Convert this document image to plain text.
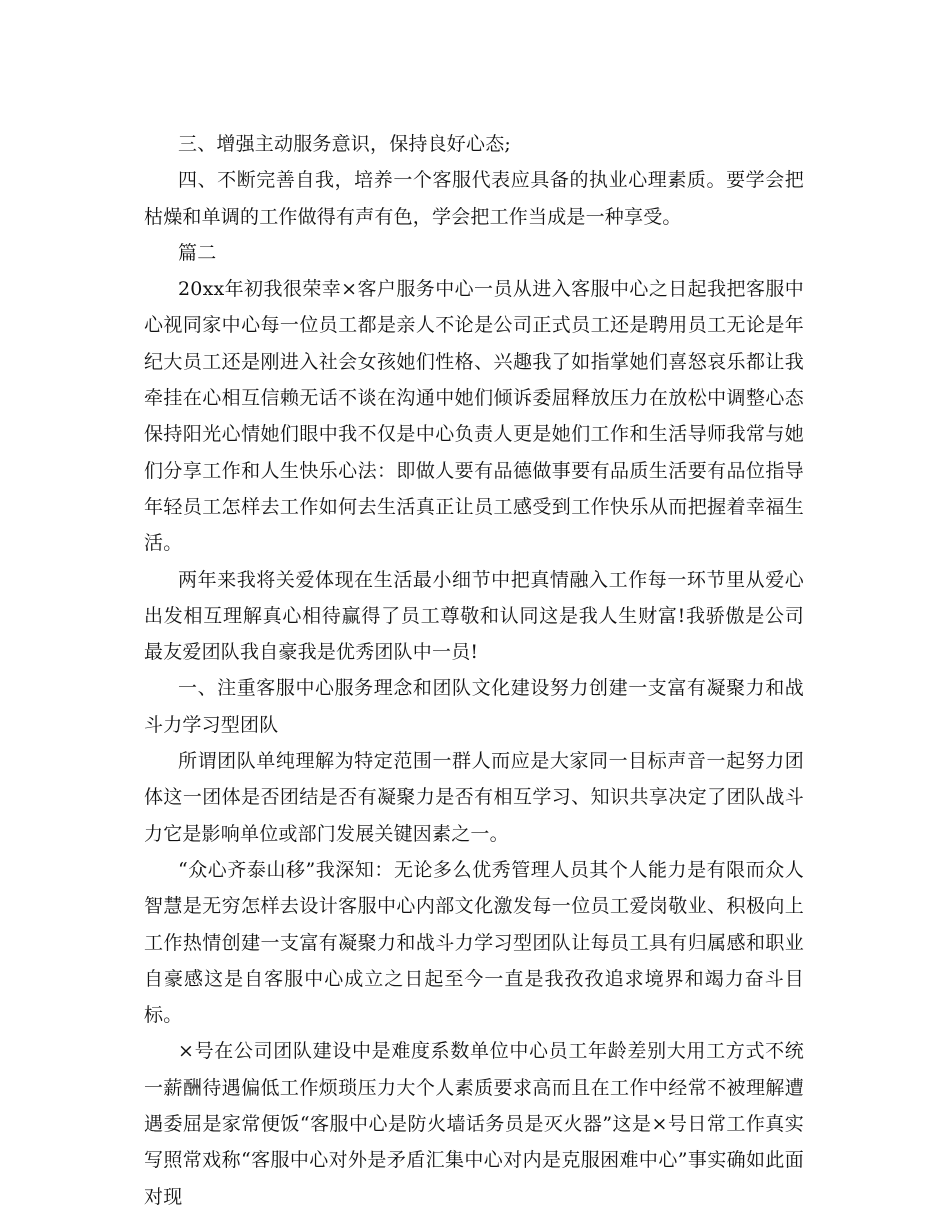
三、增强主动服务意识，保持良好心态;

四、不断完善自我，培养一个客服代表应具备的执业心理素质。要学会把枯燥和单调的工作做得有声有色，学会把工作当成是一种享受。

篇二

20xx年初我很荣幸×客户服务中心一员从进入客服中心之日起我把客服中心视同家中心每一位员工都是亲人不论是公司正式员工还是聘用员工无论是年纪大员工还是刚进入社会女孩她们性格、兴趣我了如指掌她们喜怒哀乐都让我牵挂在心相互信赖无话不谈在沟通中她们倾诉委屈释放压力在放松中调整心态保持阳光心情她们眼中我不仅是中心负责人更是她们工作和生活导师我常与她们分享工作和人生快乐心法：即做人要有品德做事要有品质生活要有品位指导年轻员工怎样去工作如何去生活真正让员工感受到工作快乐从而把握着幸福生活。

两年来我将关爱体现在生活最小细节中把真情融入工作每一环节里从爱心出发相互理解真心相待赢得了员工尊敬和认同这是我人生财富!我骄傲是公司最友爱团队我自豪我是优秀团队中一员!

一、注重客服中心服务理念和团队文化建设努力创建一支富有凝聚力和战斗力学习型团队

所谓团队单纯理解为特定范围一群人而应是大家同一目标声音一起努力团体这一团体是否团结是否有凝聚力是否有相互学习、知识共享决定了团队战斗力它是影响单位或部门发展关键因素之一。

“众心齐泰山移”我深知：无论多么优秀管理人员其个人能力是有限而众人智慧是无穷怎样去设计客服中心内部文化激发每一位员工爱岗敬业、积极向上工作热情创建一支富有凝聚力和战斗力学习型团队让每员工具有归属感和职业自豪感这是自客服中心成立之日起至今一直是我孜孜追求境界和竭力奋斗目标。

×号在公司团队建设中是难度系数单位中心员工年龄差别大用工方式不统一薪酬待遇偏低工作烦琐压力大个人素质要求高而且在工作中经常不被理解遭遇委屈是家常便饭“客服中心是防火墙话务员是灭火器”这是×号日常工作真实写照常戏称“客服中心对外是矛盾汇集中心对内是克服困难中心”事实确如此面对现
